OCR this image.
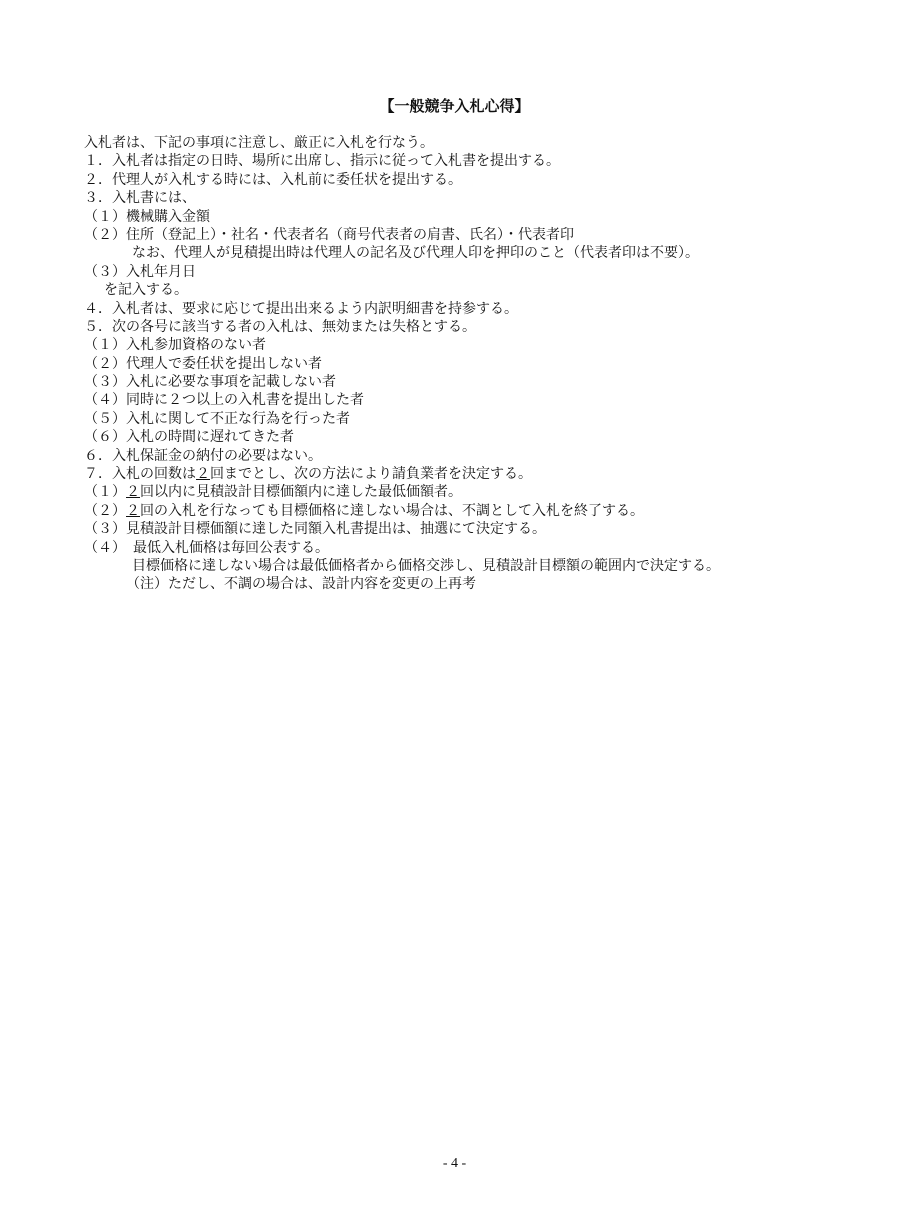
【一般競争入札心得】
入札者は、下記の事項に注意し、厳正に入札を行なう。
１．入札者は指定の日時、場所に出席し、指示に従って入札書を提出する。
２．代理人が入札する時には、入札前に委任状を提出する。
３．入札書には、
（１）機械購入金額
（２）住所（登記上）・社名・代表者名（商号代表者の肩書、氏名）・代表者印
なお、代理人が見積提出時は代理人の記名及び代理人印を押印のこと（代表者印は不要）。
（３）入札年月日
を記入する。
４．入札者は、要求に応じて提出出来るよう内訳明細書を持参する。
５．次の各号に該当する者の入札は、無効または失格とする。
（１）入札参加資格のない者
（２）代理人で委任状を提出しない者
（３）入札に必要な事項を記載しない者
（４）同時に２つ以上の入札書を提出した者
（５）入札に関して不正な行為を行った者
（６）入札の時間に遅れてきた者
６．入札保証金の納付の必要はない。
７．入札の回数は２回までとし、次の方法により請負業者を決定する。
（１）２回以内に見積設計目標価額内に達した最低価額者。
（２）２回の入札を行なっても目標価格に達しない場合は、不調として入札を終了する。
（３）見積設計目標価額に達した同額入札書提出は、抽選にて決定する。
（４）　最低入札価格は毎回公表する。
目標価格に達しない場合は最低価格者から価格交渉し、見積設計目標額の範囲内で決定する。
（注）ただし、不調の場合は、設計内容を変更の上再考
- 4 -
